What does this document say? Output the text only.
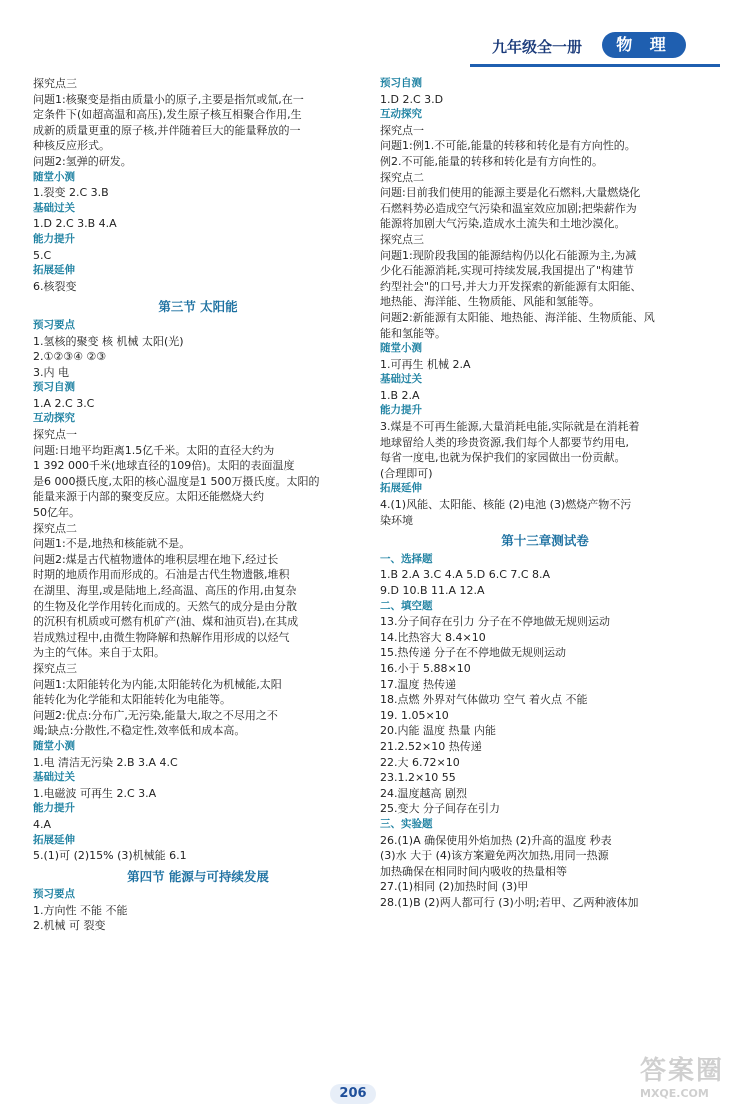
九年级全一册	物 理

探究点三

问题1:核聚变是指由质量小的原子,主要是指氘或氚,在一

定条件下(如超高温和高压),发生原子核互相聚合作用,生

成新的质量更重的原子核,并伴随着巨大的能量释放的一

种核反应形式。

问题2:氢弹的研发。

随堂小测

1.裂变 2.C 3.B

基础过关

1.D 2.C 3.B 4.A

能力提升

5.C

拓展延伸

6.核裂变

第三节 太阳能

预习要点

1.氢核的聚变 核 机械 太阳(光)

2.①②③④ ②③

3.内 电

预习自测

1.A 2.C 3.C

互动探究

探究点一

问题:日地平均距离1.5亿千米。太阳的直径大约为

1 392 000千米(地球直径的109倍)。太阳的表面温度

是6 000摄氏度,太阳的核心温度是1 500万摄氏度。太阳的

能量来源于内部的聚变反应。太阳还能燃烧大约

50亿年。

探究点二

问题1:不是,地热和核能就不是。

问题2:煤是古代植物遗体的堆积层埋在地下,经过长

时期的地质作用而形成的。石油是古代生物遗骸,堆积

在湖里、海里,或是陆地上,经高温、高压的作用,由复杂

的生物及化学作用转化而成的。天然气的成分是由分散

的沉积有机质或可燃有机矿产(油、煤和油页岩),在其成

岩成熟过程中,由微生物降解和热解作用形成的以烃气

为主的气体。来自于太阳。

探究点三

问题1:太阳能转化为内能,太阳能转化为机械能,太阳

能转化为化学能和太阳能转化为电能等。

问题2:优点:分布广,无污染,能量大,取之不尽用之不

竭;缺点:分散性,不稳定性,效率低和成本高。

随堂小测

1.电 清洁无污染 2.B 3.A 4.C

基础过关

1.电磁波 可再生 2.C 3.A

能力提升

4.A

拓展延伸

5.(1)可 (2)15% (3)机械能 6.1

第四节 能源与可持续发展

预习要点

1.方向性 不能 不能

2.机械 可 裂变

预习自测

1.D 2.C 3.D

互动探究

探究点一

问题1:例1.不可能,能量的转移和转化是有方向性的。

例2.不可能,能量的转移和转化是有方向性的。

探究点二

问题:目前我们使用的能源主要是化石燃料,大量燃烧化

石燃料势必造成空气污染和温室效应加剧;把柴薪作为

能源将加剧大气污染,造成水土流失和土地沙漠化。

探究点三

问题1:现阶段我国的能源结构仍以化石能源为主,为减

少化石能源消耗,实现可持续发展,我国提出了"构建节

约型社会"的口号,并大力开发探索的新能源有太阳能、

地热能、海洋能、生物质能、风能和氢能等。

问题2:新能源有太阳能、地热能、海洋能、生物质能、风

能和氢能等。

随堂小测

1.可再生 机械 2.A

基础过关

1.B 2.A

能力提升

3.煤是不可再生能源,大量消耗电能,实际就是在消耗着

地球留给人类的珍贵资源,我们每个人都要节约用电,

每省一度电,也就为保护我们的家园做出一份贡献。

(合理即可)

拓展延伸

4.(1)风能、太阳能、核能 (2)电池 (3)燃烧产物不污

染环境

第十三章测试卷

一、选择题

1.B 2.A 3.C 4.A 5.D 6.C 7.C 8.A

9.D 10.B 11.A 12.A

二、填空题

13.分子间存在引力 分子在不停地做无规则运动

14.比热容大 8.4×10

15.热传递 分子在不停地做无规则运动

16.小于 5.88×10

17.温度 热传递

18.点燃 外界对气体做功 空气 着火点 不能

19. 1.05×10

20.内能 温度 热量 内能

21.2.52×10 热传递

22.大 6.72×10

23.1.2×10 55

24.温度越高 剧烈

25.变大 分子间存在引力

三、实验题

26.(1)A 确保使用外焰加热 (2)升高的温度 秒表

(3)水 大于 (4)该方案避免两次加热,用同一热源

加热确保在相同时间内吸收的热量相等

27.(1)相同 (2)加热时间 (3)甲

28.(1)B (2)两人都可行 (3)小明;若甲、乙两种液体加

206
答案圈
MXQE.COM
